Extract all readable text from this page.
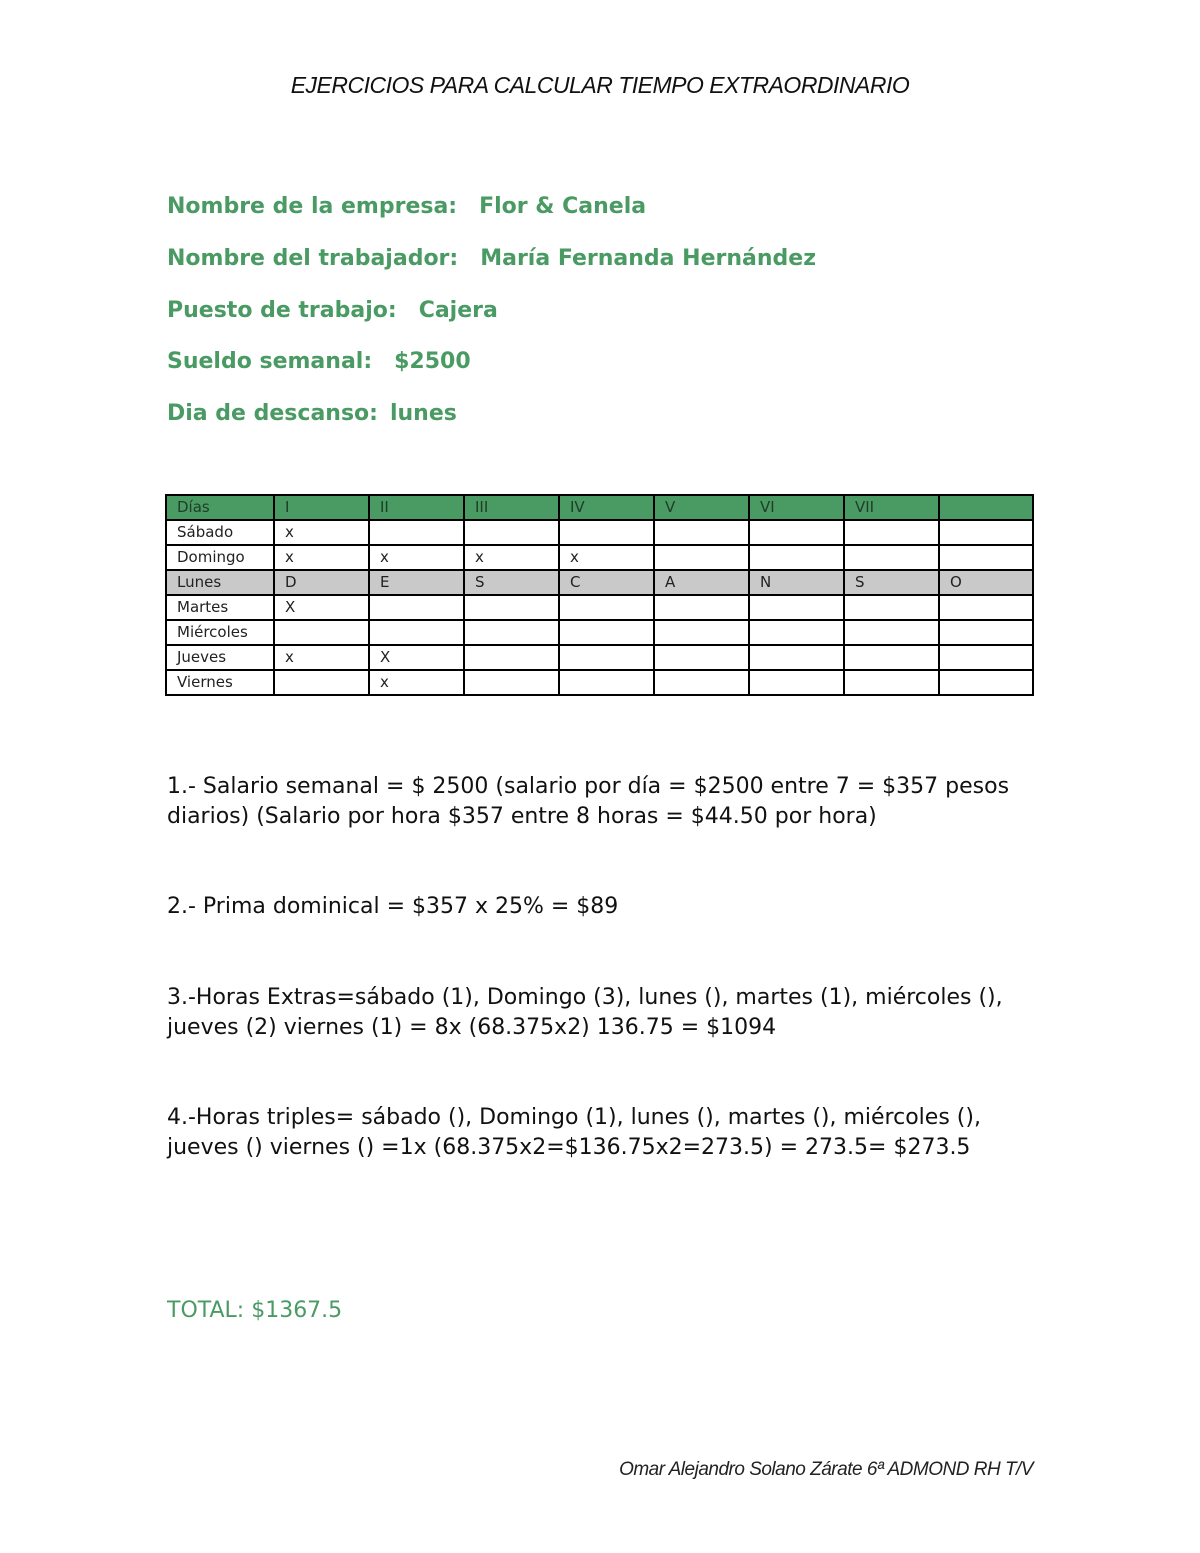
EJERCICIOS PARA CALCULAR TIEMPO EXTRAORDINARIO
Nombre de la empresa: Flor & Canela
Nombre del trabajador: María Fernanda Hernández
Puesto de trabajo: Cajera
Sueldo semanal: $2500
Dia de descanso: lunes
Días	I	II	III	IV	V	VI	VII	
Sábado	x							
Domingo	x	x	x	x				
Lunes	D	E	S	C	A	N	S	O
Martes	X							
Miércoles								
Jueves	x	X						
Viernes		x						
1.- Salario semanal = $ 2500 (salario por día = $2500 entre 7 = $357 pesos diarios) (Salario por hora $357 entre 8 horas = $44.50 por hora)
2.- Prima dominical = $357 x 25% = $89
3.-Horas Extras=sábado (1), Domingo (3), lunes (), martes (1), miércoles (), jueves (2) viernes (1) = 8x (68.375x2) 136.75 = $1094
4.-Horas triples= sábado (), Domingo (1), lunes (), martes (), miércoles (), jueves () viernes () =1x (68.375x2=$136.75x2=273.5) = 273.5= $273.5
TOTAL: $1367.5
Omar Alejandro Solano Zárate 6ª ADMOND RH T/V
